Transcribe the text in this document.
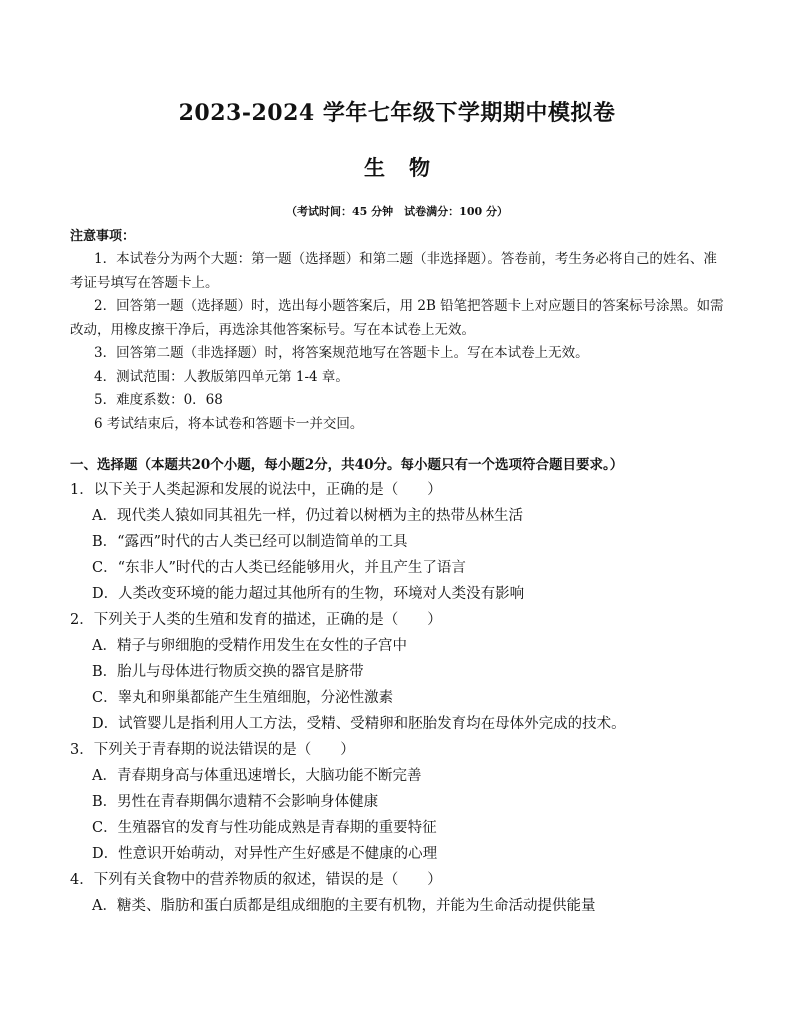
2023-2024 学年七年级下学期期中模拟卷
生物
（考试时间：45 分钟　试卷满分：100 分）
注意事项：

1．本试卷分为两个大题：第一题（选择题）和第二题（非选择题）。答卷前，考生务必将自己的姓名、准考证号填写在答题卡上。

2．回答第一题（选择题）时，选出每小题答案后，用 2B 铅笔把答题卡上对应题目的答案标号涂黑。如需改动，用橡皮擦干净后，再选涂其他答案标号。写在本试卷上无效。

3．回答第二题（非选择题）时，将答案规范地写在答题卡上。写在本试卷上无效。

4．测试范围：人教版第四单元第 1-4 章。

5．难度系数：0．68

6 考试结束后，将本试卷和答题卡一并交回。

一、选择题（本题共20个小题，每小题2分，共40分。每小题只有一个选项符合题目要求。）

1．以下关于人类起源和发展的说法中，正确的是（　　）

A．现代类人猿如同其祖先一样，仍过着以树栖为主的热带丛林生活

B．“露西”时代的古人类已经可以制造简单的工具

C．“东非人”时代的古人类已经能够用火，并且产生了语言

D．人类改变环境的能力超过其他所有的生物，环境对人类没有影响

2．下列关于人类的生殖和发育的描述，正确的是（　　）

A．精子与卵细胞的受精作用发生在女性的子宫中

B．胎儿与母体进行物质交换的器官是脐带

C．睾丸和卵巢都能产生生殖细胞，分泌性激素

D．试管婴儿是指利用人工方法，受精、受精卵和胚胎发育均在母体外完成的技术。

3．下列关于青春期的说法错误的是（　　）

A．青春期身高与体重迅速增长，大脑功能不断完善

B．男性在青春期偶尔遗精不会影响身体健康

C．生殖器官的发育与性功能成熟是青春期的重要特征

D．性意识开始萌动，对异性产生好感是不健康的心理

4．下列有关食物中的营养物质的叙述，错误的是（　　）

A．糖类、脂肪和蛋白质都是组成细胞的主要有机物，并能为生命活动提供能量
